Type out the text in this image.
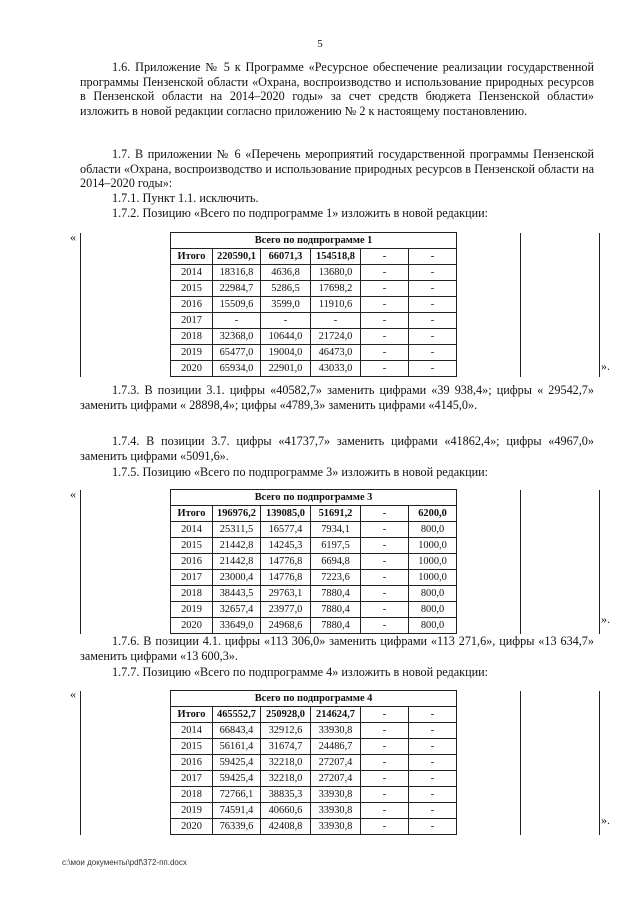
5
1.6. Приложение № 5 к Программе «Ресурсное обеспечение реализации государственной программы Пензенской области «Охрана, воспроизводство и использование природных ресурсов в Пензенской области на 2014–2020 годы» за счет средств бюджета Пензенской области» изложить в новой редакции согласно приложению № 2 к настоящему постановлению.
1.7. В приложении № 6 «Перечень мероприятий государственной программы Пензенской области «Охрана, воспроизводство и использование природных ресурсов в Пензенской области на 2014–2020 годы»:
1.7.1. Пункт 1.1. исключить.
1.7.2. Позицию «Всего по подпрограмме 1» изложить в новой редакции:
«
		Всего по подпрограмме 1							
	Итого	220590,1	66071,3	154518,8	-	-		
	2014	18316,8	4636,8	13680,0	-	-		
	2015	22984,7	5286,5	17698,2	-	-		
	2016	15509,6	3599,0	11910,6	-	-		
	2017	-	-	-	-	-		
	2018	32368,0	10644,0	21724,0	-	-		
	2019	65477,0	19004,0	46473,0	-	-		
	2020	65934,0	22901,0	43033,0	-	-			».
1.7.3. В позиции 3.1. цифры «40582,7» заменить цифрами «39 938,4»; цифры « 29542,7» заменить цифрами « 28898,4»; цифры «4789,3» заменить цифрами «4145,0».
1.7.4. В позиции 3.7. цифры «41737,7» заменить цифрами «41862,4»; цифры «4967,0» заменить цифрами «5091,6».
1.7.5. Позицию «Всего по подпрограмме 3» изложить в новой редакции:
«
		Всего по подпрограмме 3							
	Итого	196976,2	139085,0	51691,2	-	6200,0		
	2014	25311,5	16577,4	7934,1	-	800,0		
	2015	21442,8	14245,3	6197,5	-	1000,0		
	2016	21442,8	14776,8	6694,8	-	1000,0		
	2017	23000,4	14776,8	7223,6	-	1000,0		
	2018	38443,5	29763,1	7880,4	-	800,0		
	2019	32657,4	23977,0	7880,4	-	800,0		
	2020	33649,0	24968,6	7880,4	-	800,0			».
1.7.6. В позиции 4.1. цифры «113 306,0» заменить цифрами «113 271,6», цифры «13 634,7» заменить цифрами «13 600,3».
1.7.7. Позицию «Всего по подпрограмме 4» изложить в новой редакции:
«
		Всего по подпрограмме 4							
	Итого	465552,7	250928,0	214624,7	-	-		
	2014	66843,4	32912,6	33930,8	-	-		
	2015	56161,4	31674,7	24486,7	-	-		
	2016	59425,4	32218,0	27207,4	-	-		
	2017	59425,4	32218,0	27207,4	-	-		
	2018	72766,1	38835,3	33930,8	-	-		
	2019	74591,4	40660,6	33930,8	-	-		
	2020	76339,6	42408,8	33930,8	-	-			».
c:\мои документы\pdf\372-пп.docx
